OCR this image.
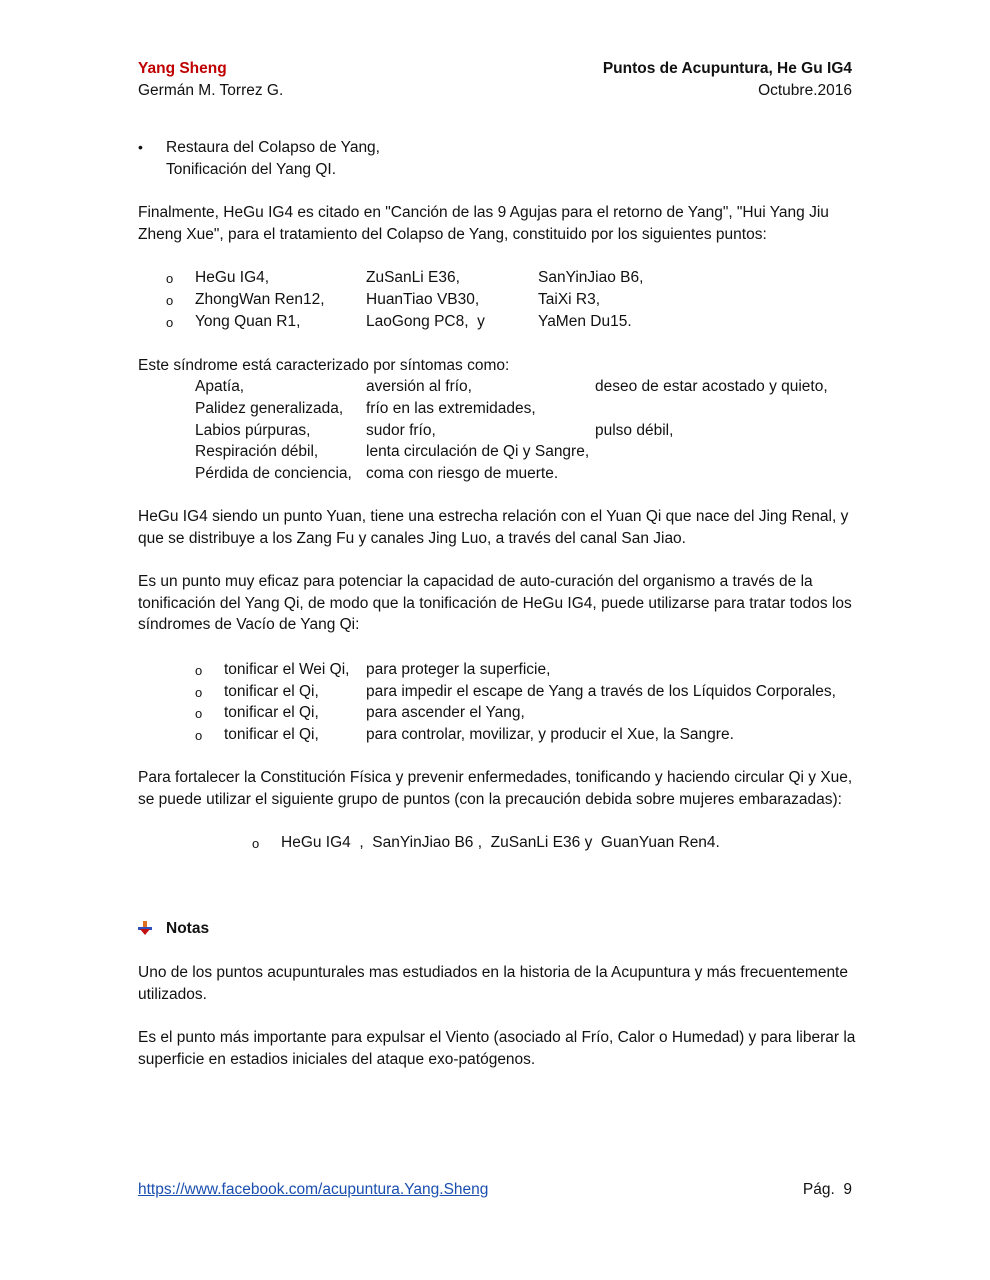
Yang Sheng
Germán M. Torrez G.
Puntos de Acupuntura, He Gu IG4
Octubre.2016
• Restaura del Colapso de Yang,
Tonificación del Yang QI.
Finalmente, HeGu IG4 es citado en "Canción de las 9 Agujas para el retorno de Yang", "Hui Yang Jiu Zheng Xue", para el tratamiento del Colapso de Yang, constituido por los siguientes puntos:
o HeGu IG4,	ZuSanLi E36,	SanYinJiao B6,
o ZhongWan Ren12,	HuanTiao VB30,	TaiXi R3,
o Yong Quan R1,	LaoGong PC8,  y	YaMen Du15.
Este síndrome está caracterizado por síntomas como:
Apatía,	aversión al frío,	deseo de estar acostado y quieto,
Palidez generalizada, frío en las extremidades,
Labios púrpuras,	sudor frío,	pulso débil,
Respiración débil,	lenta circulación de Qi y Sangre,
Pérdida de conciencia, coma con riesgo de muerte.
HeGu IG4 siendo un punto Yuan, tiene una estrecha relación con el Yuan Qi que nace del Jing Renal, y que se distribuye a los Zang Fu y canales Jing Luo, a través del canal San Jiao.
Es un punto muy eficaz para potenciar la capacidad de auto-curación del organismo a través de la tonificación del Yang Qi, de modo que la tonificación de HeGu IG4, puede utilizarse para tratar todos los síndromes de Vacío de Yang Qi:
o tonificar el Wei Qi, para proteger la superficie,
o tonificar el Qi,	para impedir el escape de Yang a través de los Líquidos Corporales,
o tonificar el Qi,	para ascender el Yang,
o tonificar el Qi,	para controlar, movilizar, y producir el Xue, la Sangre.
Para fortalecer la Constitución Física y prevenir enfermedades, tonificando y haciendo circular Qi y Xue, se puede utilizar el siguiente grupo de puntos (con la precaución debida sobre mujeres embarazadas):
o HeGu IG4  ,  SanYinJiao B6 ,  ZuSanLi E36 y  GuanYuan Ren4.
Notas
Uno de los puntos acupunturales mas estudiados en la historia de la Acupuntura y más frecuentemente utilizados.
Es el punto más importante para expulsar el Viento (asociado al Frío, Calor o Humedad) y para liberar la superficie en estadios iniciales del ataque exo-patógenos.
https://www.facebook.com/acupuntura.Yang.Sheng	Pág.  9
